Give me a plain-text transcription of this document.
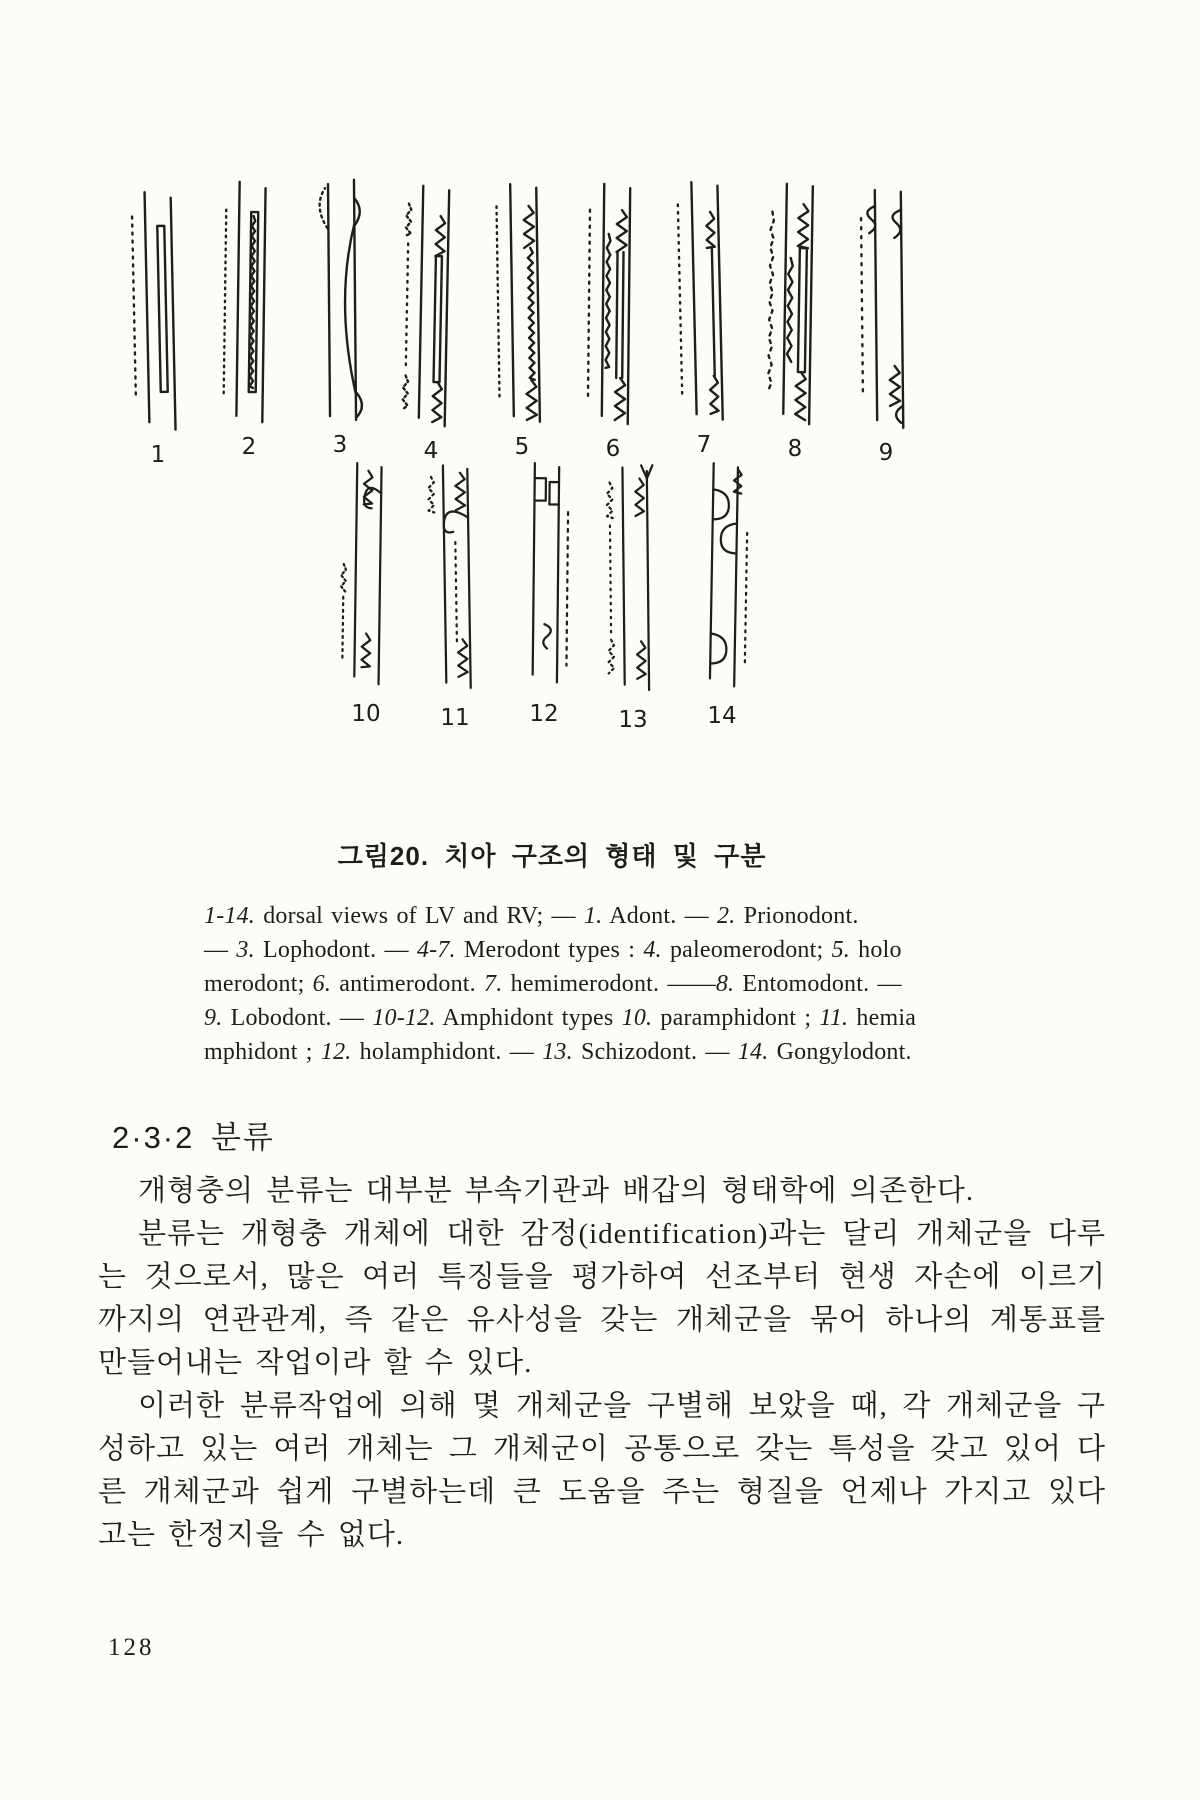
1	2	3	4	5	6	7	8	9
10	11	12	13	14
그림20. 치아 구조의 형태 및 구분
1-14. dorsal views of LV and RV; — 1. Adont. — 2. Prionodont.
— 3. Lophodont. — 4-7. Merodont types : 4. paleomerodont; 5. holo
merodont; 6. antimerodont. 7. hemimerodont. ——8. Entomodont. —
9. Lobodont. — 10-12. Amphidont types 10. paramphidont ; 11. hemia
mphidont ; 12. holamphidont. — 13. Schizodont. — 14. Gongylodont.
2·3·2 분류
개형충의 분류는 대부분 부속기관과 배갑의 형태학에 의존한다.
분류는 개형충 개체에 대한 감정(identification)과는 달리 개체군을 다루
는 것으로서, 많은 여러 특징들을 평가하여 선조부터 현생 자손에 이르기
까지의 연관관계, 즉 같은 유사성을 갖는 개체군을 묶어 하나의 계통표를
만들어내는 작업이라 할 수 있다.
이러한 분류작업에 의해 몇 개체군을 구별해 보았을 때, 각 개체군을 구
성하고 있는 여러 개체는 그 개체군이 공통으로 갖는 특성을 갖고 있어 다
른 개체군과 쉽게 구별하는데 큰 도움을 주는 형질을 언제나 가지고 있다
고는 한정지을 수 없다.
128
